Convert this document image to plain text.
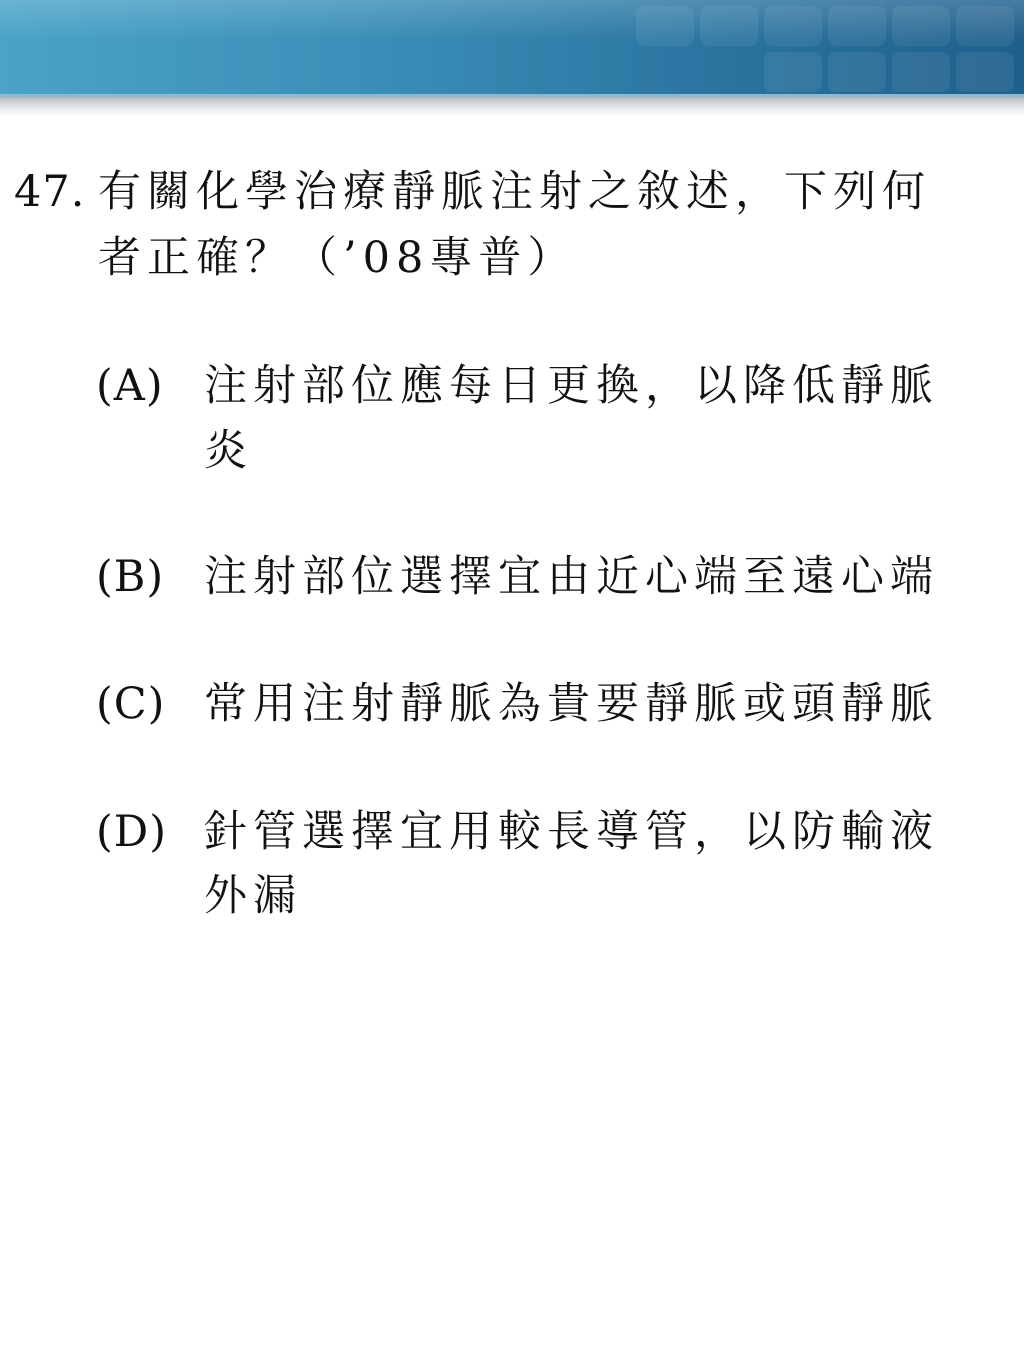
47. 有關化學治療靜脈注射之敘述，下列何
者正確？（’08專普）
(A) 注射部位應每日更換，以降低靜脈
炎
(B) 注射部位選擇宜由近心端至遠心端
(C) 常用注射靜脈為貴要靜脈或頭靜脈
(D) 針管選擇宜用較長導管，以防輸液
外漏
